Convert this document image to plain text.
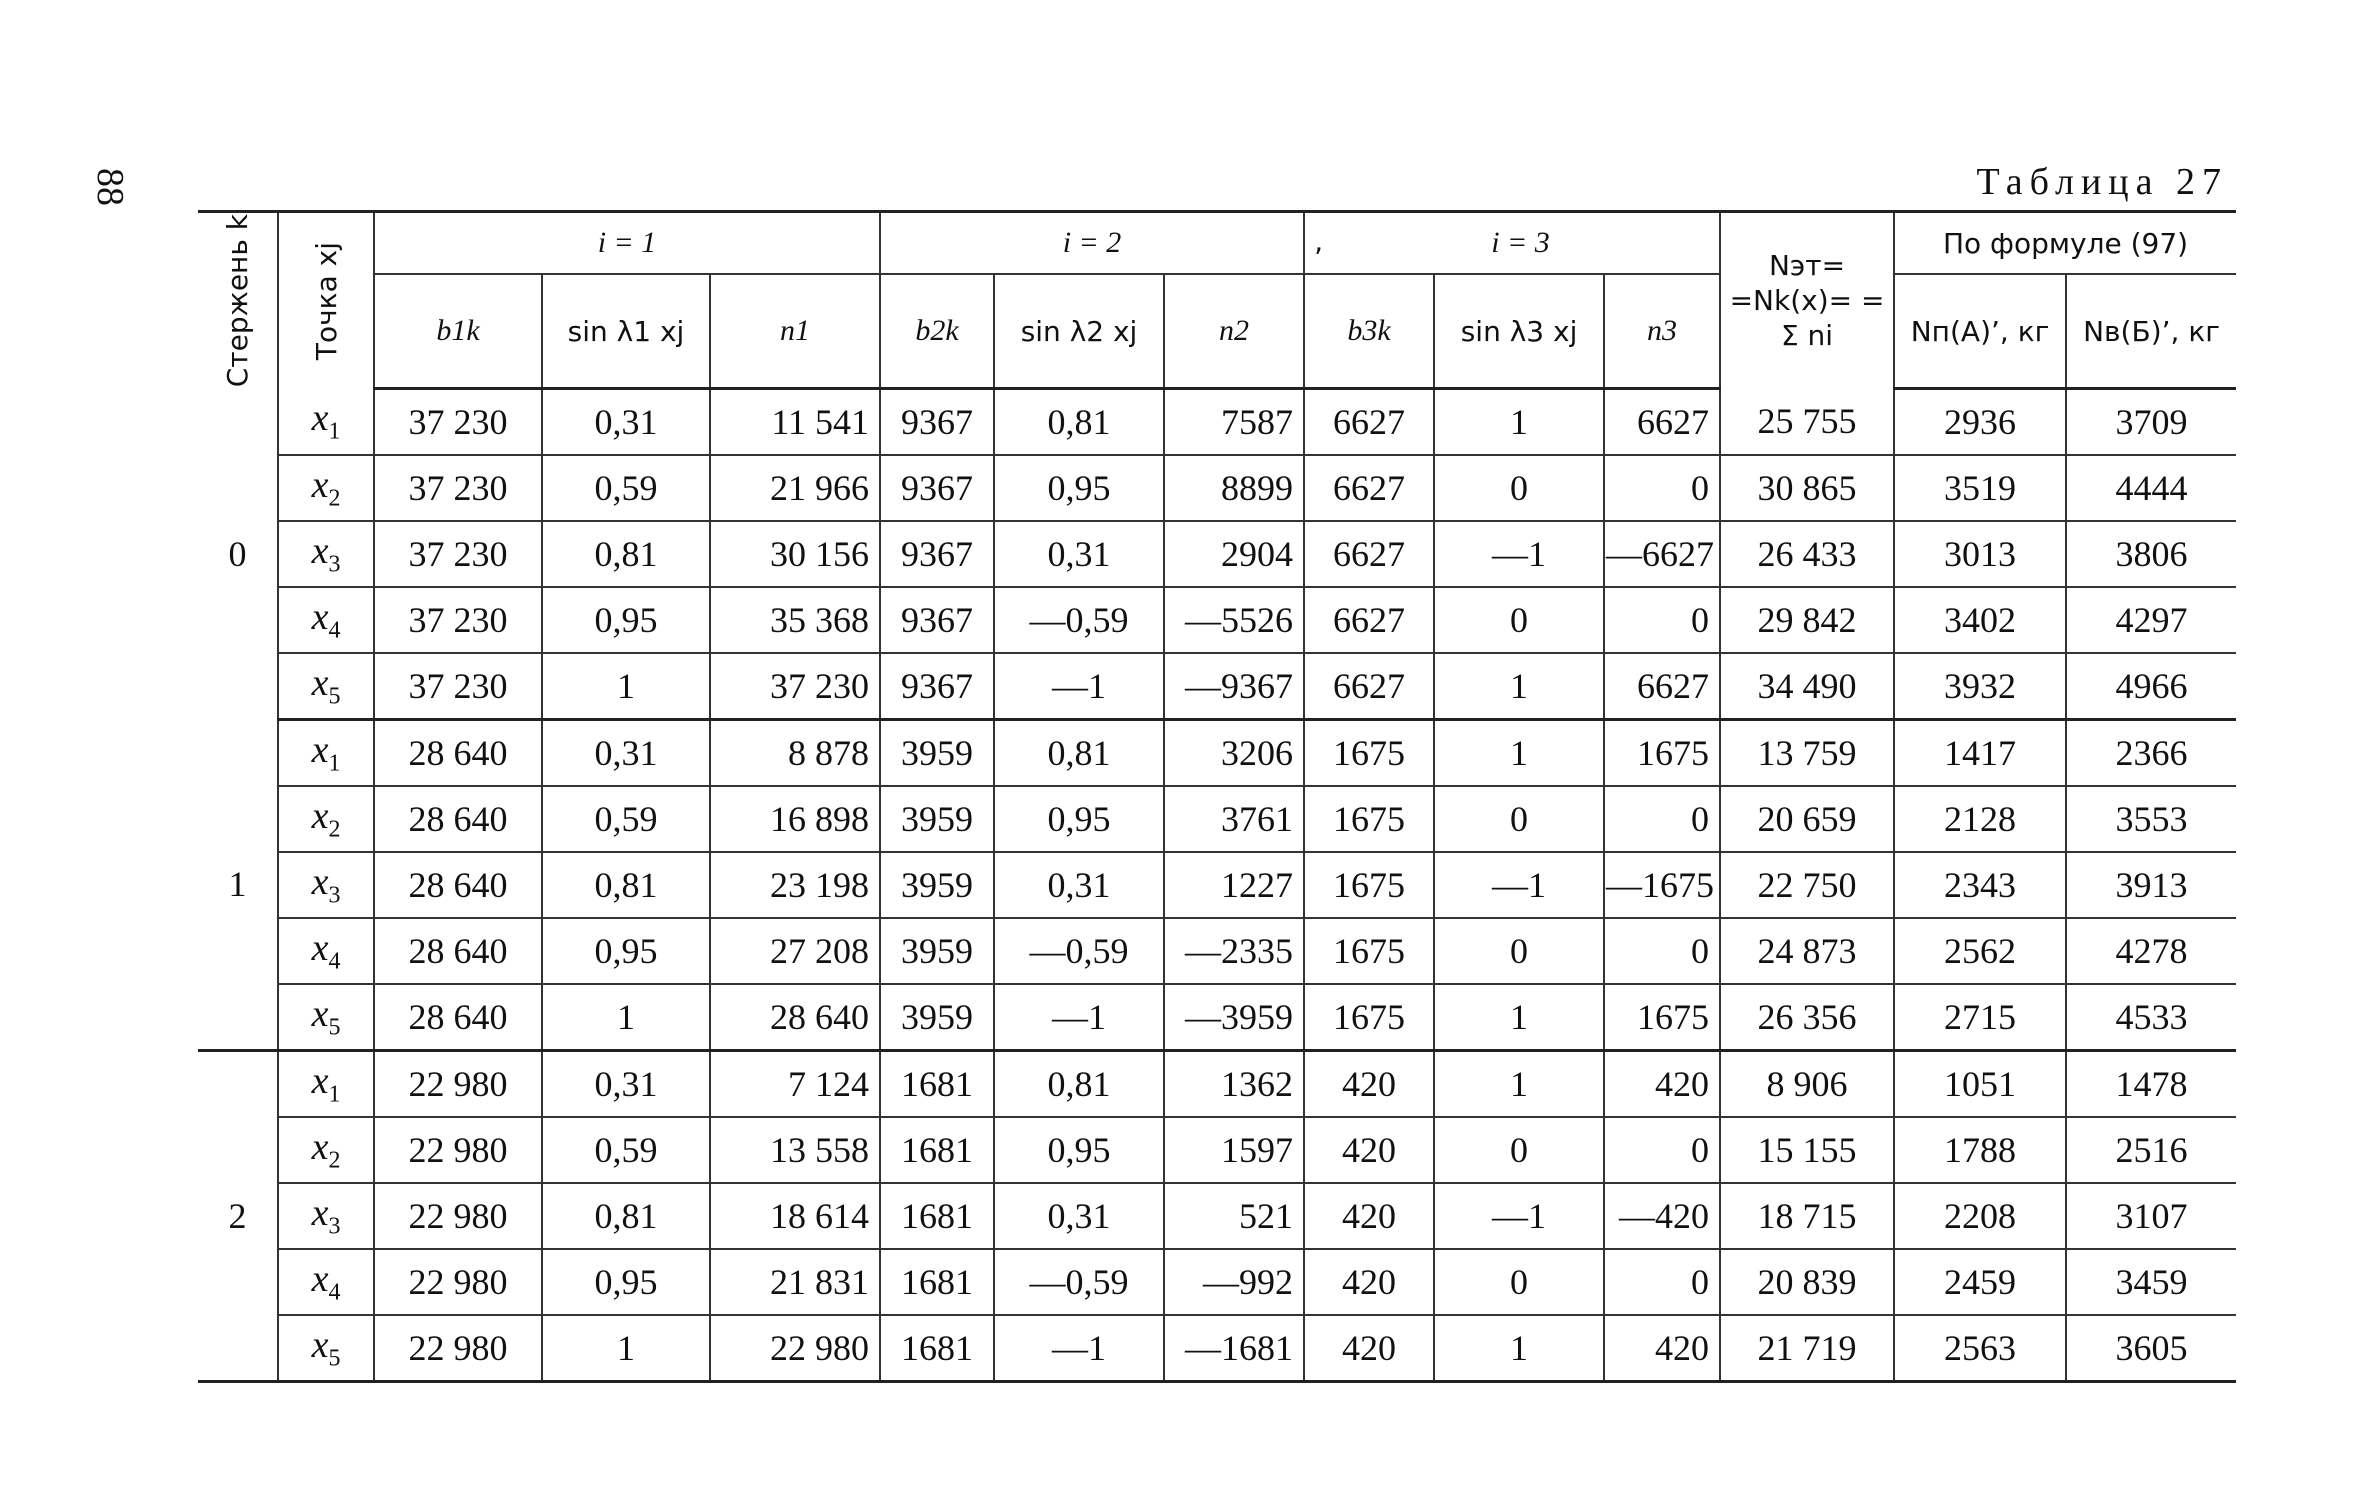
88	Таблица 27
Стержень k	Точка xj	i = 1			i = 2			‚ i = 3			Nэт= =Nk(x)= = Σ ni	По формуле (97)	
		b1k	sin λ1 xj	n1	b2k	sin λ2 xj	n2	b3k	sin λ3 xj	n3		Nп(A)’, кг	Nв(Б)’, кг

0	$x_1$	37 230	0,31	11 541	9367	0,81	7587	6627	1	6627	25 755	2936	3709
	$x_2$	37 230	0,59	21 966	9367	0,95	8899	6627	0	0	30 865	3519	4444
	$x_3$	37 230	0,81	30 156	9367	0,31	2904	6627	—1	—6627	26 433	3013	3806
	$x_4$	37 230	0,95	35 368	9367	—0,59	—5526	6627	0	0	29 842	3402	4297
	$x_5$	37 230	1	37 230	9367	—1	—9367	6627	1	6627	34 490	3932	4966
1	$x_1$	28 640	0,31	8 878	3959	0,81	3206	1675	1	1675	13 759	1417	2366
	$x_2$	28 640	0,59	16 898	3959	0,95	3761	1675	0	0	20 659	2128	3553
	$x_3$	28 640	0,81	23 198	3959	0,31	1227	1675	—1	—1675	22 750	2343	3913
	$x_4$	28 640	0,95	27 208	3959	—0,59	—2335	1675	0	0	24 873	2562	4278
	$x_5$	28 640	1	28 640	3959	—1	—3959	1675	1	1675	26 356	2715	4533
2	$x_1$	22 980	0,31	7 124	1681	0,81	1362	420	1	420	8 906	1051	1478
	$x_2$	22 980	0,59	13 558	1681	0,95	1597	420	0	0	15 155	1788	2516
	$x_3$	22 980	0,81	18 614	1681	0,31	521	420	—1	—420	18 715	2208	3107
	$x_4$	22 980	0,95	21 831	1681	—0,59	—992	420	0	0	20 839	2459	3459
	$x_5$	22 980	1	22 980	1681	—1	—1681	420	1	420	21 719	2563	3605
